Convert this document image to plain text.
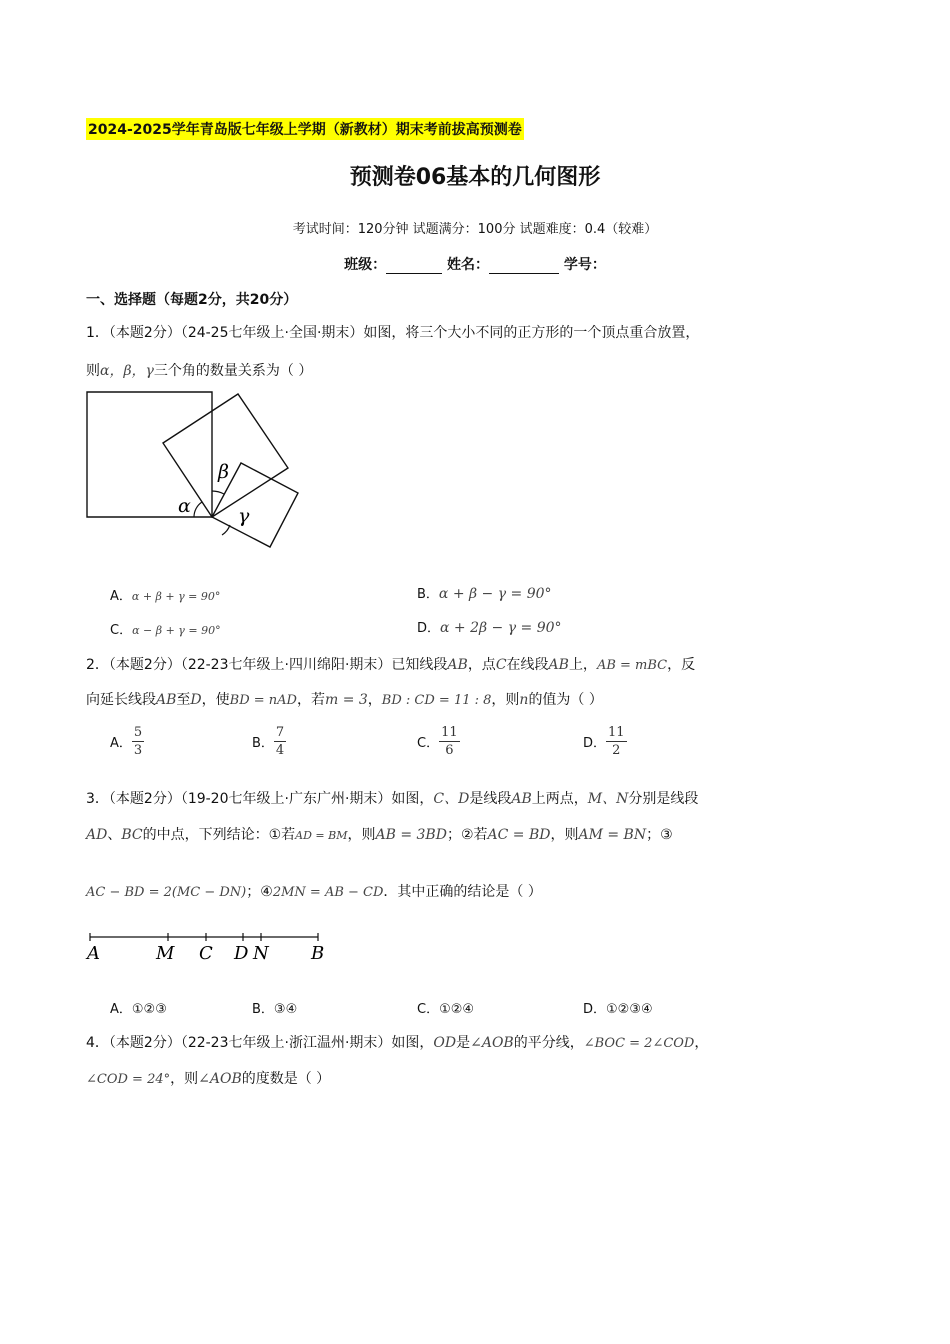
2024-2025学年青岛版七年级上学期（新教材）期末考前拔高预测卷
预测卷06基本的几何图形
考试时间：120分钟 试题满分：100分 试题难度：0.4（较难）
班级：	姓名：	学号：
一、选择题（每题2分，共20分）
1．（本题2分）（24-25七年级上·全国·期末）如图，将三个大小不同的正方形的一个顶点重合放置，
则α，β，γ三个角的数量关系为（ ）
α
β
γ
A．α + β + γ = 90°	B．α + β − γ = 90°
C．α − β + γ = 90°	D．α + 2β − γ = 90°
2．（本题2分）（22-23七年级上·四川绵阳·期末）已知线段AB，点C在线段AB上，AB = mBC，反
向延长线段AB至D，使BD = nAD，若m = 3，BD : CD = 11 : 8，则n的值为（ ）
A． $\frac{5}{3}$	B． $\frac{7}{4}$	C． $\frac{11}{6}$	D． $\frac{11}{2}$
3．（本题2分）（19-20七年级上·广东广州·期末）如图，C、D是线段AB上两点，M、N分别是线段
AD、BC的中点，下列结论：①若AD = BM，则AB = 3BD；②若AC = BD，则AM = BN；③
AC − BD = 2(MC − DN)；④2MN = AB − CD．其中正确的结论是（ ）
A	M C D N B
A．①②③	B．③④	C．①②④	D．①②③④
4．（本题2分）（22-23七年级上·浙江温州·期末）如图，OD是∠AOB的平分线，∠BOC = 2∠COD，
∠COD = 24°，则∠AOB的度数是（ ）
